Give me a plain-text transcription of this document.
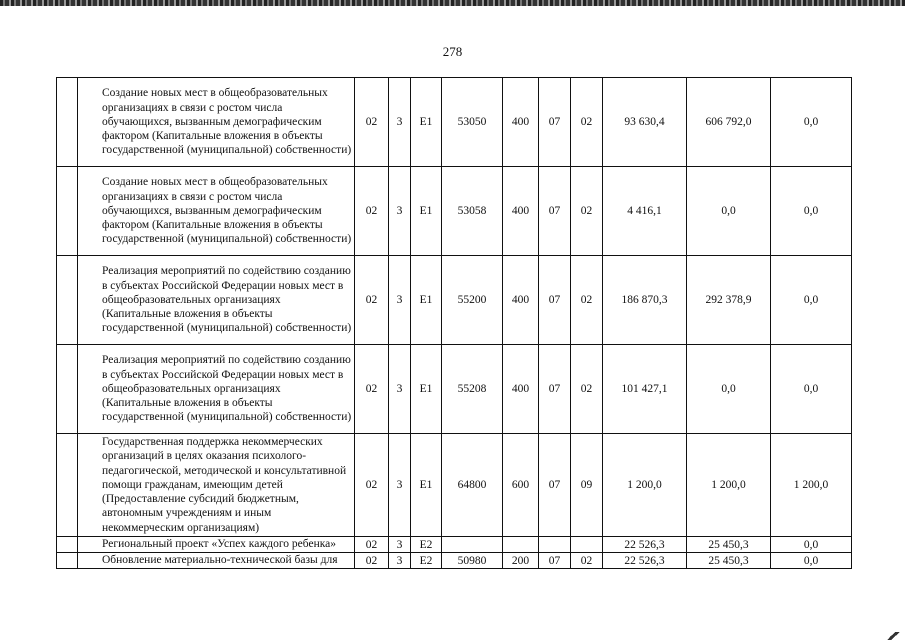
278
	Создание новых мест в общеобразовательных организациях в связи с ростом числа обучающихся, вызванным демографическим фактором (Капитальные вложения в объекты государственной (муниципальной) собственности)	02	3	E1	53050	400	07	02	93 630,4	606 792,0	0,0
	Создание новых мест в общеобразовательных организациях в связи с ростом числа обучающихся, вызванным демографическим фактором (Капитальные вложения в объекты государственной (муниципальной) собственности)	02	3	E1	53058	400	07	02	4 416,1	0,0	0,0
	Реализация мероприятий по содействию созданию в субъектах Российской Федерации новых мест в общеобразовательных организациях (Капитальные вложения в объекты государственной (муниципальной) собственности)	02	3	E1	55200	400	07	02	186 870,3	292 378,9	0,0
	Реализация мероприятий по содействию созданию в субъектах Российской Федерации новых мест в общеобразовательных организациях (Капитальные вложения в объекты государственной (муниципальной) собственности)	02	3	E1	55208	400	07	02	101 427,1	0,0	0,0
	Государственная поддержка некоммерческих организаций в целях оказания психолого-педагогической, методической и консультативной помощи гражданам, имеющим детей (Предоставление субсидий бюджетным, автономным учреждениям и иным некоммерческим организациям)	02	3	E1	64800	600	07	09	1 200,0	1 200,0	1 200,0
	Региональный проект «Успех каждого ребенка»	02	3	E2					22 526,3	25 450,3	0,0
	Обновление материально-технической базы для	02	3	E2	50980	200	07	02	22 526,3	25 450,3	0,0
